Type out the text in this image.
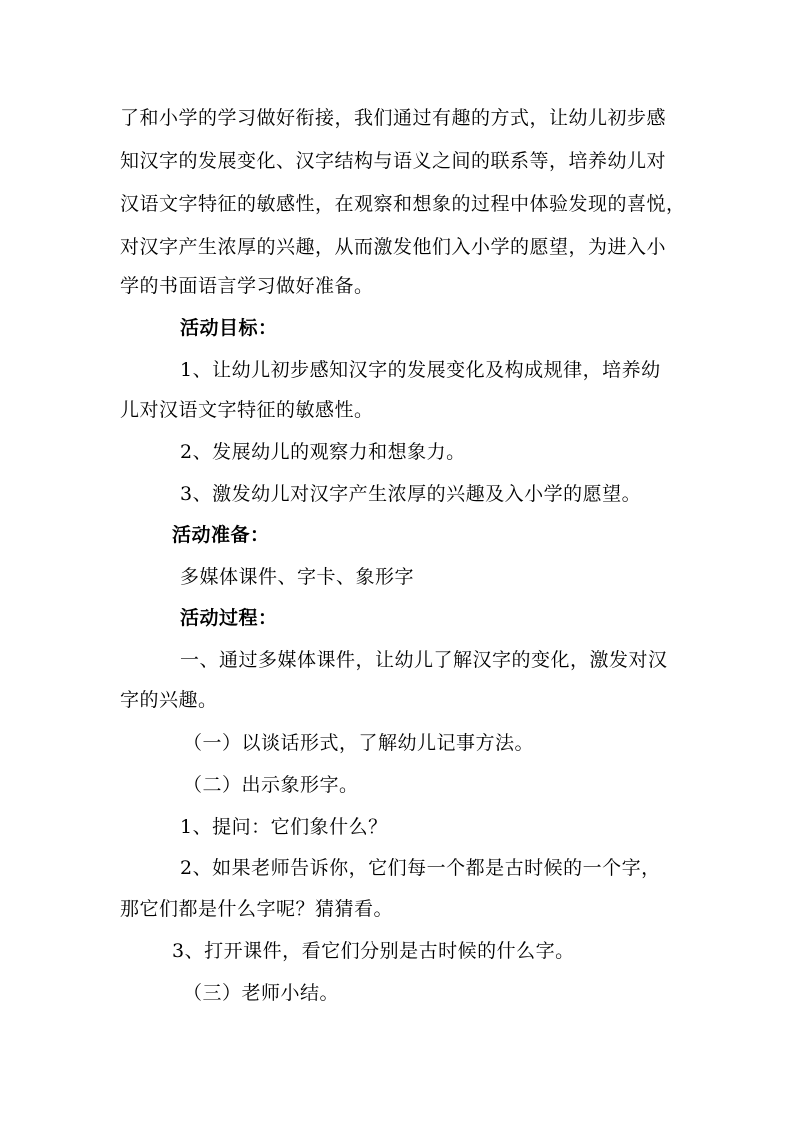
了和小学的学习做好衔接，我们通过有趣的方式，让幼儿初步感
知汉字的发展变化、汉字结构与语义之间的联系等，培养幼儿对
汉语文字特征的敏感性，在观察和想象的过程中体验发现的喜悦，
对汉字产生浓厚的兴趣，从而激发他们入小学的愿望，为进入小
学的书面语言学习做好准备。
活动目标：
1、让幼儿初步感知汉字的发展变化及构成规律，培养幼
儿对汉语文字特征的敏感性。
2、发展幼儿的观察力和想象力。
3、激发幼儿对汉字产生浓厚的兴趣及入小学的愿望。
活动准备：
多媒体课件、字卡、象形字
活动过程：
一、通过多媒体课件，让幼儿了解汉字的变化，激发对汉
字的兴趣。
（一）以谈话形式，了解幼儿记事方法。
（二）出示象形字。
1、提问：它们象什么？
2、如果老师告诉你，它们每一个都是古时候的一个字，
那它们都是什么字呢？猜猜看。
3、打开课件，看它们分别是古时候的什么字。
（三）老师小结。
